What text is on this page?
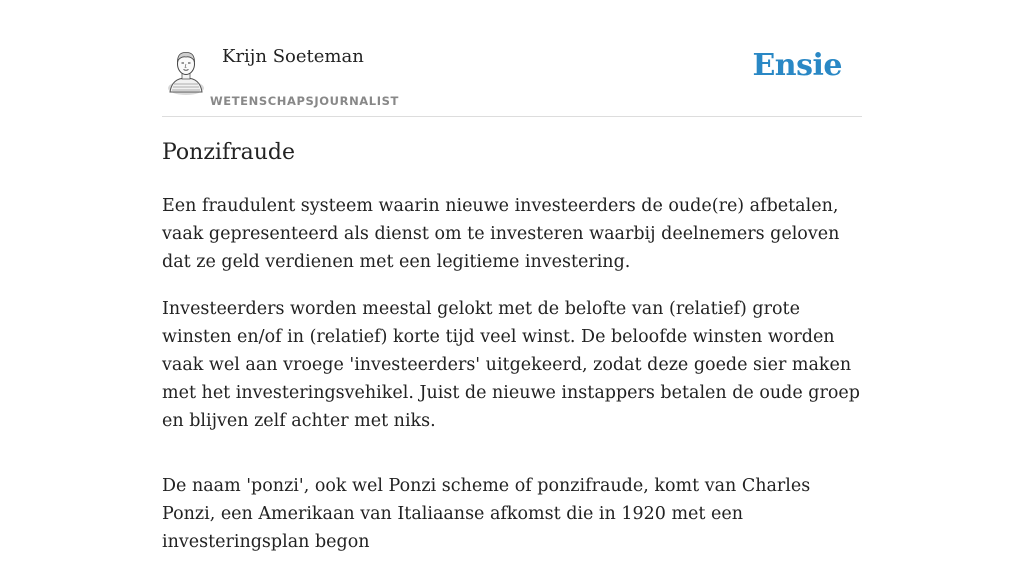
Krijn Soeteman
WETENSCHAPSJOURNALIST
Ensie
Ponzifraude

Een fraudulent systeem waarin nieuwe investeerders de oude(re) afbetalen, vaak gepresenteerd als dienst om te investeren waarbij deelnemers geloven dat ze geld verdienen met een legitieme investering.

Investeerders worden meestal gelokt met de belofte van (relatief) grote winsten en/of in (relatief) korte tijd veel winst. De beloofde winsten worden vaak wel aan vroege 'investeerders' uitgekeerd, zodat deze goede sier maken met het investeringsvehikel. Juist de nieuwe instappers betalen de oude groep en blijven zelf achter met niks.

De naam 'ponzi', ook wel Ponzi scheme of ponzifraude, komt van Charles Ponzi, een Amerikaan van Italiaanse afkomst die in 1920 met een investeringsplan begon
